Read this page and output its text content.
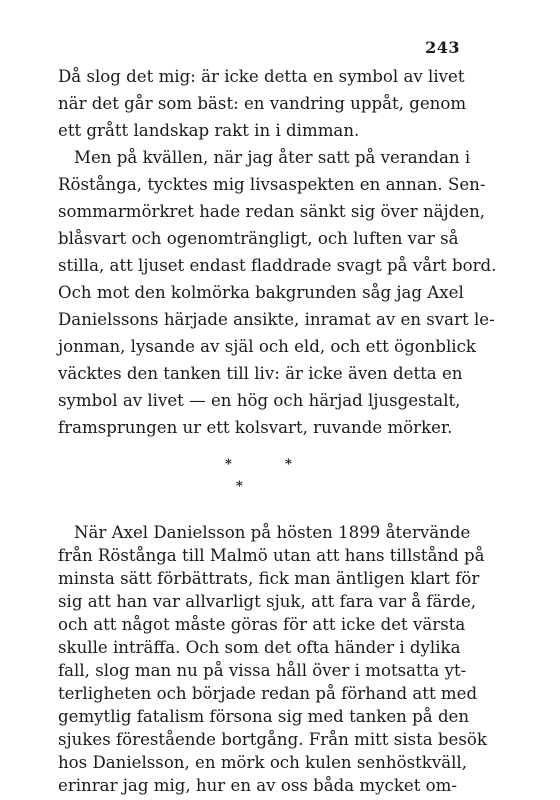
243
Då slog det mig: är icke detta en symbol av livet
när det går som bäst: en vandring uppåt, genom
ett grått landskap rakt in i dimman.
Men på kvällen, när jag åter satt på verandan i
Röstånga, tycktes mig livsaspekten en annan. Sen-
sommarmörkret hade redan sänkt sig över näjden,
blåsvart och ogenomträngligt, och luften var så
stilla, att ljuset endast fladdrade svagt på vårt bord.
Och mot den kolmörka bakgrunden såg jag Axel
Danielssons härjade ansikte, inramat av en svart le-
jonman, lysande av själ och eld, och ett ögonblick
väcktes den tanken till liv: är icke även detta en
symbol av livet — en hög och härjad ljusgestalt,
framsprungen ur ett kolsvart, ruvande mörker.
*	*
*
När Axel Danielsson på hösten 1899 återvände
från Röstånga till Malmö utan att hans tillstånd på
minsta sätt förbättrats, fick man äntligen klart för
sig att han var allvarligt sjuk, att fara var å färde,
och att något måste göras för att icke det värsta
skulle inträffa. Och som det ofta händer i dylika
fall, slog man nu på vissa håll över i motsatta yt-
terligheten och började redan på förhand att med
gemytlig fatalism försona sig med tanken på den
sjukes förestående bortgång. Från mitt sista besök
hos Danielsson, en mörk och kulen senhöstkväll,
erinrar jag mig, hur en av oss båda mycket om-
